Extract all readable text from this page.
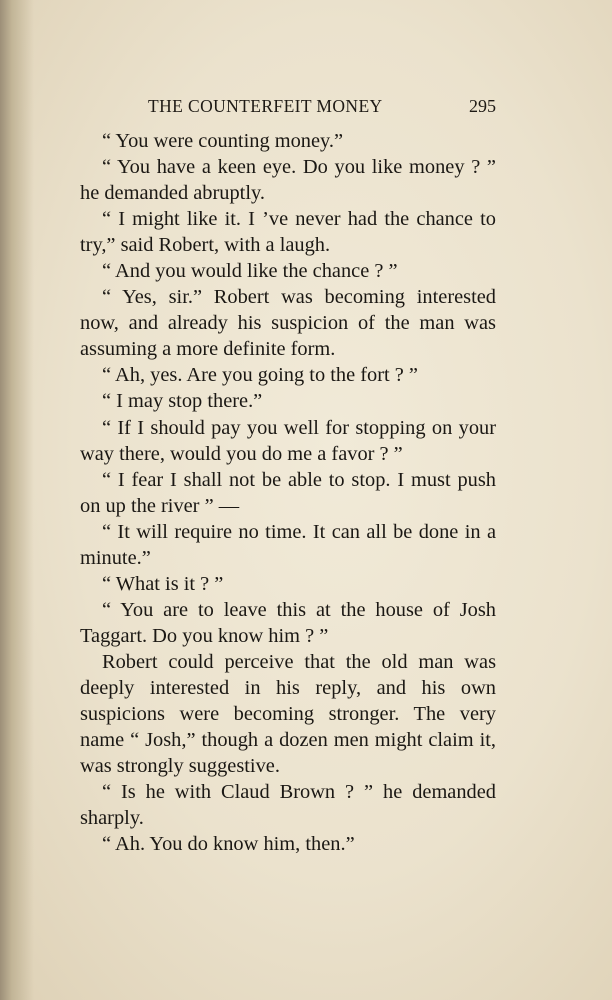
THE COUNTERFEIT MONEY	295

“ You were counting money.”

“ You have a keen eye. Do you like money ? ” he demanded abruptly.

“ I might like it. I ’ve never had the chance to try,” said Robert, with a laugh.

“ And you would like the chance ? ”

“ Yes, sir.” Robert was becoming interested now, and already his suspicion of the man was assuming a more definite form.

“ Ah, yes. Are you going to the fort ? ”

“ I may stop there.”

“ If I should pay you well for stopping on your way there, would you do me a favor ? ”

“ I fear I shall not be able to stop. I must push on up the river ” —

“ It will require no time. It can all be done in a minute.”

“ What is it ? ”

“ You are to leave this at the house of Josh Taggart. Do you know him ? ”

Robert could perceive that the old man was deeply interested in his reply, and his own suspicions were becoming stronger. The very name “ Josh,” though a dozen men might claim it, was strongly suggestive.

“ Is he with Claud Brown ? ” he demanded sharply.

“ Ah. You do know him, then.”
